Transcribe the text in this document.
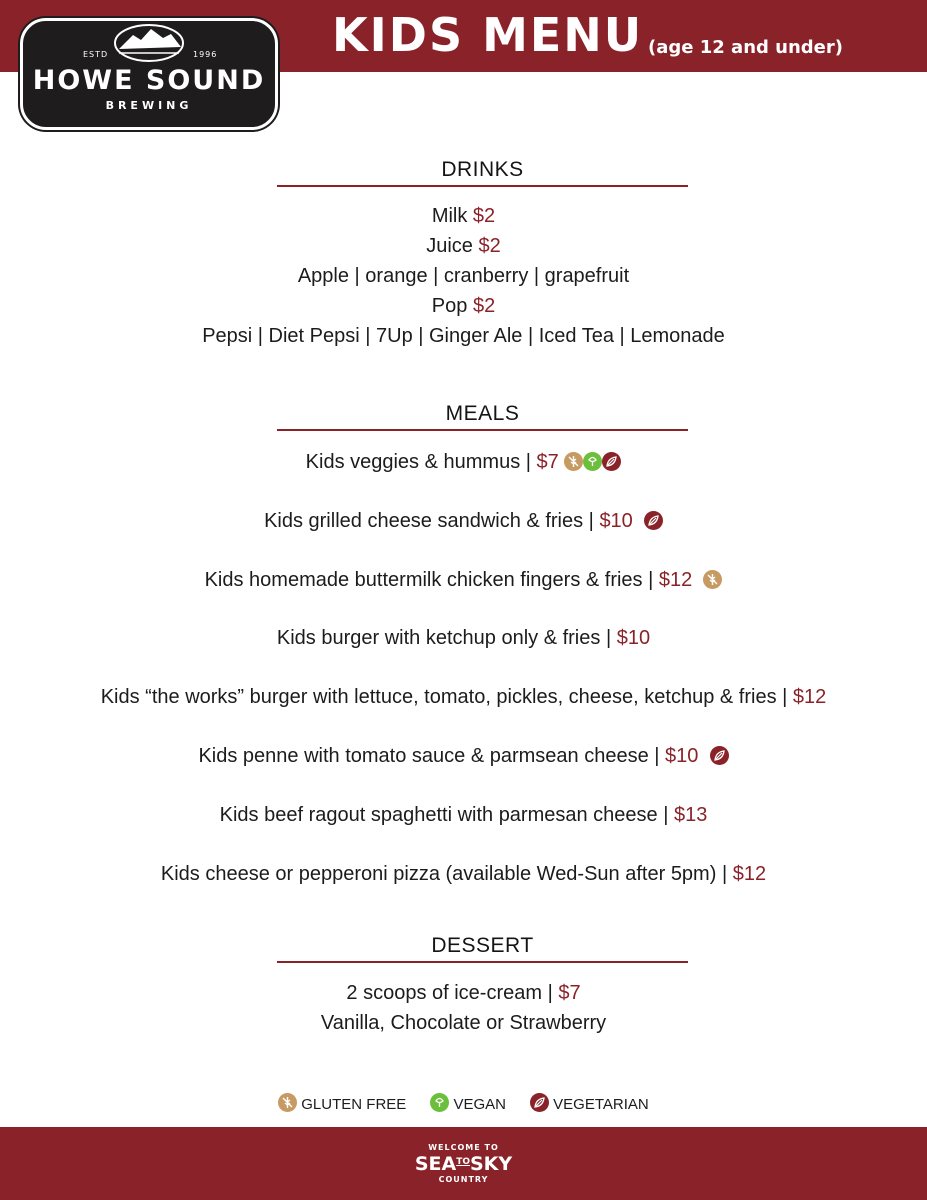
ESTD	1996
HOWE SOUND
BREWING
KIDS MENU (age 12 and under)
DRINKS
Milk $2
Juice $2
Apple | orange | cranberry | grapefruit
Pop $2
Pepsi | Diet Pepsi | 7Up | Ginger Ale | Iced Tea | Lemonade
MEALS
Kids veggies & hummus | $7
Kids grilled cheese sandwich & fries | $10
Kids homemade buttermilk chicken fingers & fries | $12
Kids burger with ketchup only & fries | $10
Kids “the works” burger with lettuce, tomato, pickles, cheese, ketchup & fries | $12
Kids penne with tomato sauce & parmsean cheese | $10
Kids beef ragout spaghetti with parmesan cheese | $13
Kids cheese or pepperoni pizza (available Wed-Sun after 5pm) | $12
DESSERT
2 scoops of ice-cream | $7
Vanilla, Chocolate or Strawberry
GLUTEN FREE	VEGAN	VEGETARIAN
WELCOME TO
$SEA^{TO}SKY$
COUNTRY
